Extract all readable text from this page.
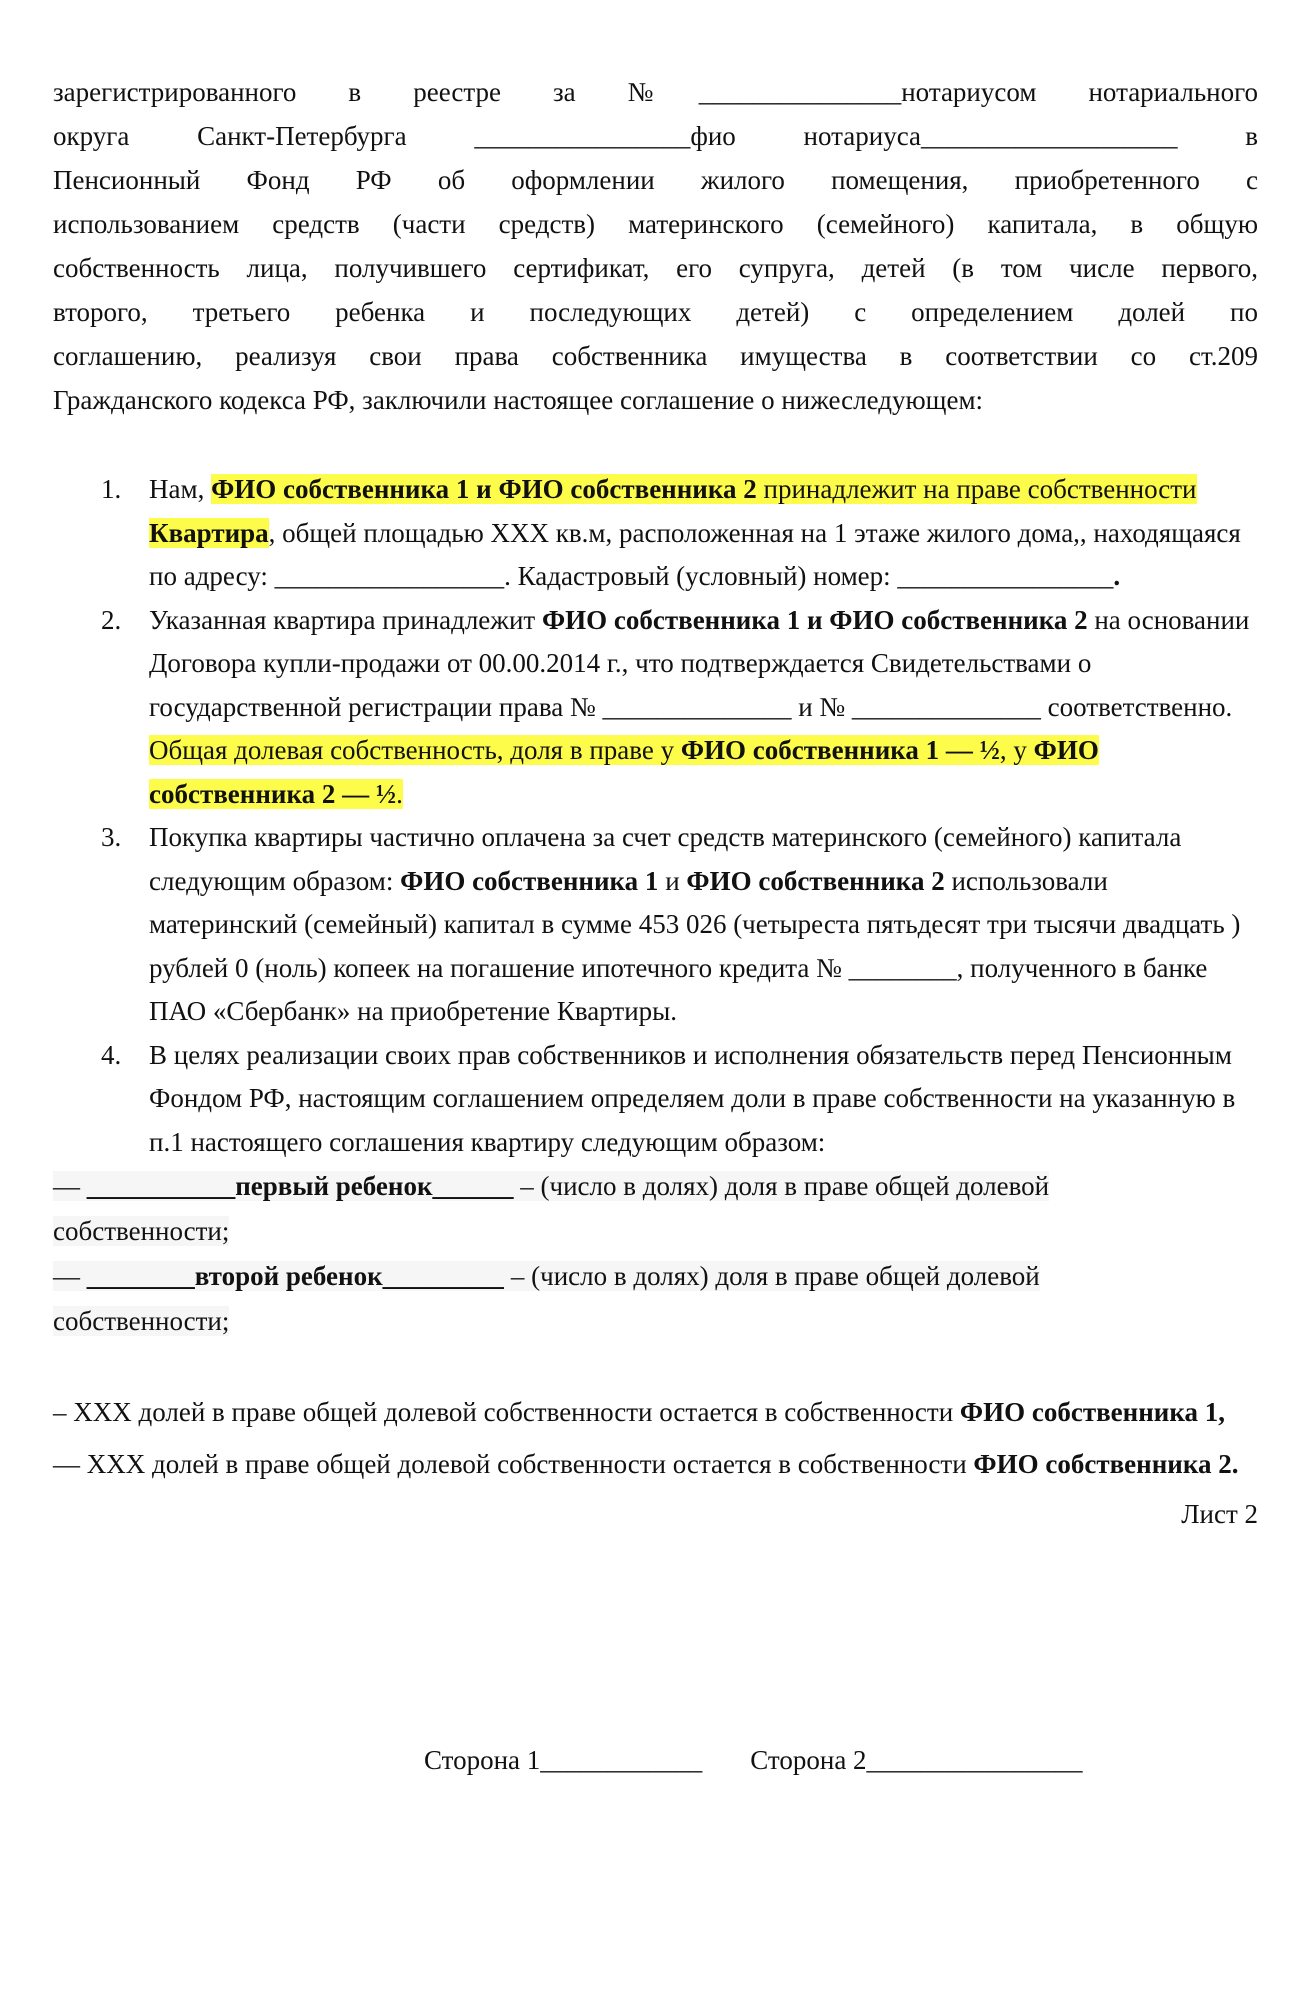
зарегистрированного в реестре за №_______________нотариусом нотариального
округа Санкт-Петербурга ________________фио нотариуса___________________ в
Пенсионный Фонд РФ об оформлении жилого помещения, приобретенного с
использованием средств (части средств) материнского (семейного) капитала, в общую
собственность лица, получившего сертификат, его супруга, детей (в том числе первого,
второго, третьего ребенка и последующих детей) с определением долей по
соглашению, реализуя свои права собственника имущества в соответствии со ст.209
Гражданского кодекса РФ, заключили настоящее соглашение о нижеследующем:

1. Нам, ФИО собственника 1 и ФИО собственника 2 принадлежит на праве собственности Квартира, общей площадью ХХХ кв.м, расположенная на 1 этаже жилого дома,, находящаяся по адресу: _________________. Кадастровый (условный) номер: ________________.
2. Указанная квартира принадлежит ФИО собственника 1 и ФИО собственника 2 на основании Договора купли-продажи от 00.00.2014 г., что подтверждается Свидетельствами о государственной регистрации права № ______________ и № ______________ соответственно. Общая долевая собственность, доля в праве у ФИО собственника 1 — ½, у ФИО собственника 2 — ½.
3. Покупка квартиры частично оплачена за счет средств материнского (семейного) капитала следующим образом: ФИО собственника 1 и ФИО собственника 2 использовали материнский (семейный) капитал в сумме 453 026 (четыреста пятьдесят три тысячи двадцать ) рублей 0 (ноль) копеек на погашение ипотечного кредита № ________, полученного в банке ПАО «Сбербанк» на приобретение Квартиры.
4. В целях реализации своих прав собственников и исполнения обязательств перед Пенсионным Фондом РФ, настоящим соглашением определяем доли в праве собственности на указанную в п.1 настоящего соглашения квартиру следующим образом:
— ___________первый ребенок______ – (число в долях) доля в праве общей долевой
собственности;
— ________второй ребенок_________ – (число в долях) доля в праве общей долевой
собственности;

– ХХХ долей в праве общей долевой собственности остается в собственности ФИО собственника 1,

— ХХХ долей в праве общей долевой собственности остается в собственности ФИО собственника 2.

Лист 2
Сторона 1____________ Сторона 2________________
